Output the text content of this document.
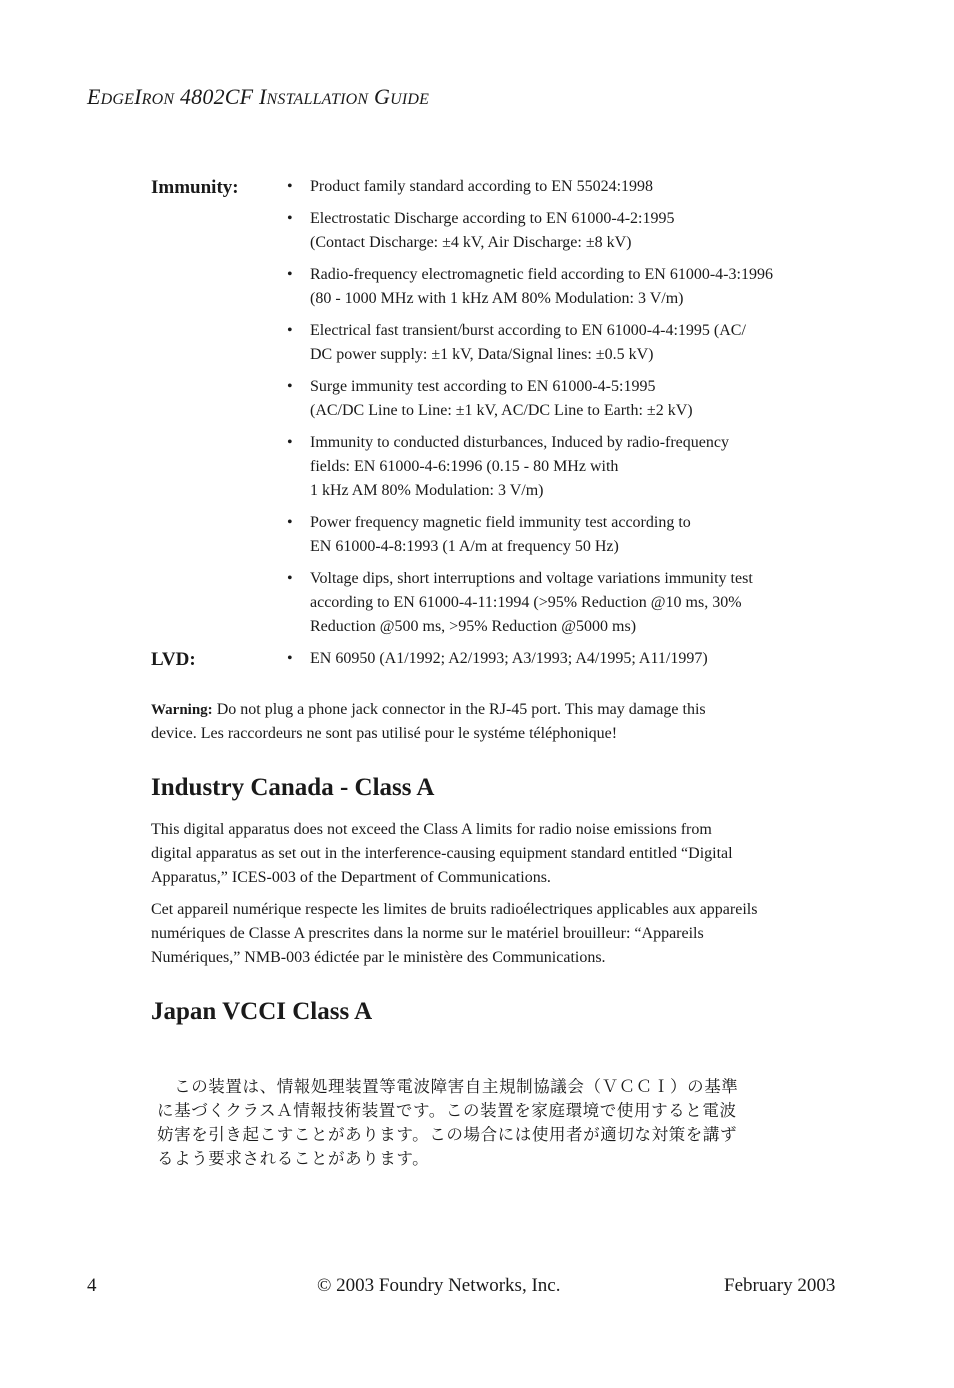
EDGEIRON 4802CF INSTALLATION GUIDE
Immunity:	• Product family standard according to EN 55024:1998
• Electrostatic Discharge according to EN 61000-4-2:1995
(Contact Discharge: ±4 kV, Air Discharge: ±8 kV)
• Radio-frequency electromagnetic field according to EN 61000-4-3:1996
(80 - 1000 MHz with 1 kHz AM 80% Modulation: 3 V/m)
• Electrical fast transient/burst according to EN 61000-4-4:1995 (AC/
DC power supply: ±1 kV, Data/Signal lines: ±0.5 kV)
• Surge immunity test according to EN 61000-4-5:1995
(AC/DC Line to Line: ±1 kV, AC/DC Line to Earth: ±2 kV)
• Immunity to conducted disturbances, Induced by radio-frequency
fields: EN 61000-4-6:1996 (0.15 - 80 MHz with
1 kHz AM 80% Modulation: 3 V/m)
• Power frequency magnetic field immunity test according to
EN 61000-4-8:1993 (1 A/m at frequency 50 Hz)
• Voltage dips, short interruptions and voltage variations immunity test
according to EN 61000-4-11:1994 (>95% Reduction @10 ms, 30%
Reduction @500 ms, >95% Reduction @5000 ms)
LVD:	• EN 60950 (A1/1992; A2/1993; A3/1993; A4/1995; A11/1997)
Warning: Do not plug a phone jack connector in the RJ-45 port. This may damage this
device. Les raccordeurs ne sont pas utilisé pour le systéme téléphonique!
Industry Canada - Class A
This digital apparatus does not exceed the Class A limits for radio noise emissions from
digital apparatus as set out in the interference-causing equipment standard entitled “Digital
Apparatus,” ICES-003 of the Department of Communications.
Cet appareil numérique respecte les limites de bruits radioélectriques applicables aux appareils
numériques de Classe A prescrites dans la norme sur le matériel brouilleur: “Appareils
Numériques,” NMB-003 édictée par le ministère des Communications.
Japan VCCI Class A
　この装置は、情報処理装置等電波障害自主規制協議会（ＶＣＣＩ）の基準
に基づくクラスＡ情報技術装置です。この装置を家庭環境で使用すると電波
妨害を引き起こすことがあります。この場合には使用者が適切な対策を講ず
るよう要求されることがあります。
4	© 2003 Foundry Networks, Inc.	February 2003
